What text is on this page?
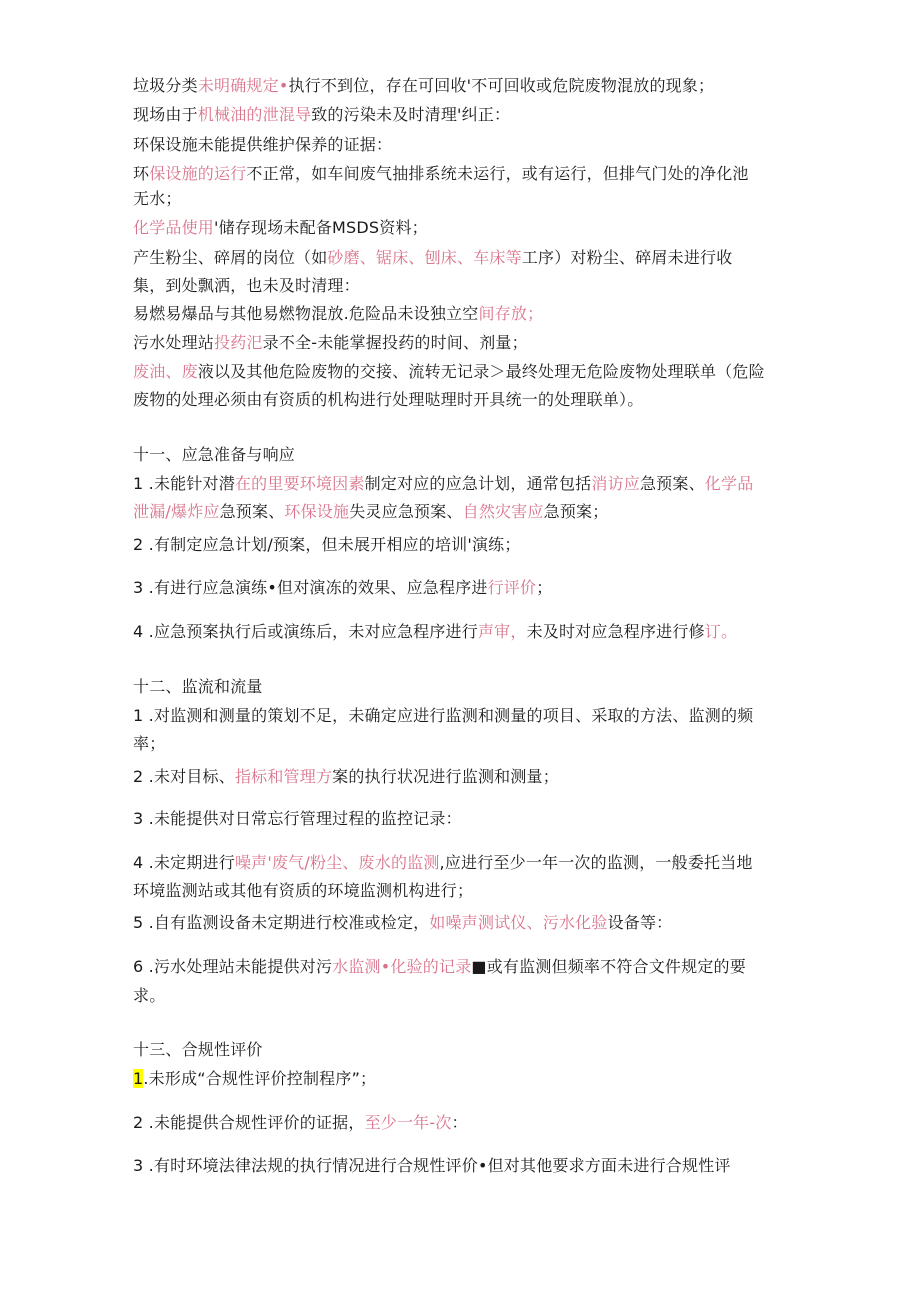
垃圾分类未明确规定•执行不到位，存在可回收'不可回收或危院废物混放的现象；
现场由于机械油的泄混导致的污染未及时清理'纠正：
环保设施未能提供维护保养的证据：
环保设施的运行不正常，如车间废气抽排系统未运行，或有运行，但排气门处的净化池
无水；
化学品使用'储存现场未配备MSDS资料；
产生粉尘、碎屑的岗位（如砂磨、锯床、刨床、车床等工序）对粉尘、碎屑未进行收
集，到处飘洒，也未及时清理：
易燃易爆品与其他易燃物混放.危险品未设独立空间存放；
污水处理站投药汜录不全-未能掌握投药的时间、剂量；
废油、废液以及其他危险废物的交接、流转无记录＞最终处理无危险废物处理联单（危险
废物的处理必须由有资质的机构进行处理哒理时开具统一的处理联单）。
十一、应急准备与响应
1 .未能针对潜在的里要环境因素制定对应的应急计划，通常包括消访应急预案、化学品
泄漏/爆炸应急预案、环保设施失灵应急预案、自然灾害应急预案；
2 .有制定应急计划/预案，但未展开相应的培训'演练；
3 .有进行应急演练•但对演冻的效果、应急程序进行评价；
4 .应急预案执行后或演练后，未对应急程序进行声审，未及时对应急程序进行修订。
十二、监流和流量
1 .对监测和测量的策划不足，未确定应进行监测和测量的项目、采取的方法、监测的频
率；
2 .未对目标、指标和管理方案的执行状况进行监测和测量；
3 .未能提供对日常忘行管理过程的监控记录：
4 .未定期进行噪声'废气/粉尘、废水的监测,应进行至少一年一次的监测，一般委托当地
环境监测站或其他有资质的环境监测机构进行；
5 .自有监测设备未定期进行校准或检定，如噪声测试仪、污水化验设备等：
6 .污水处理站未能提供对污水监测•化验的记录■或有监测但频率不符合文件规定的要
求。
十三、合规性评价
1.未形成“合规性评价控制程序”；
2 .未能提供合规性评价的证据，至少一年-次：
3 .有时环境法律法规的执行情况进行合规性评价•但对其他要求方面未进行合规性评
